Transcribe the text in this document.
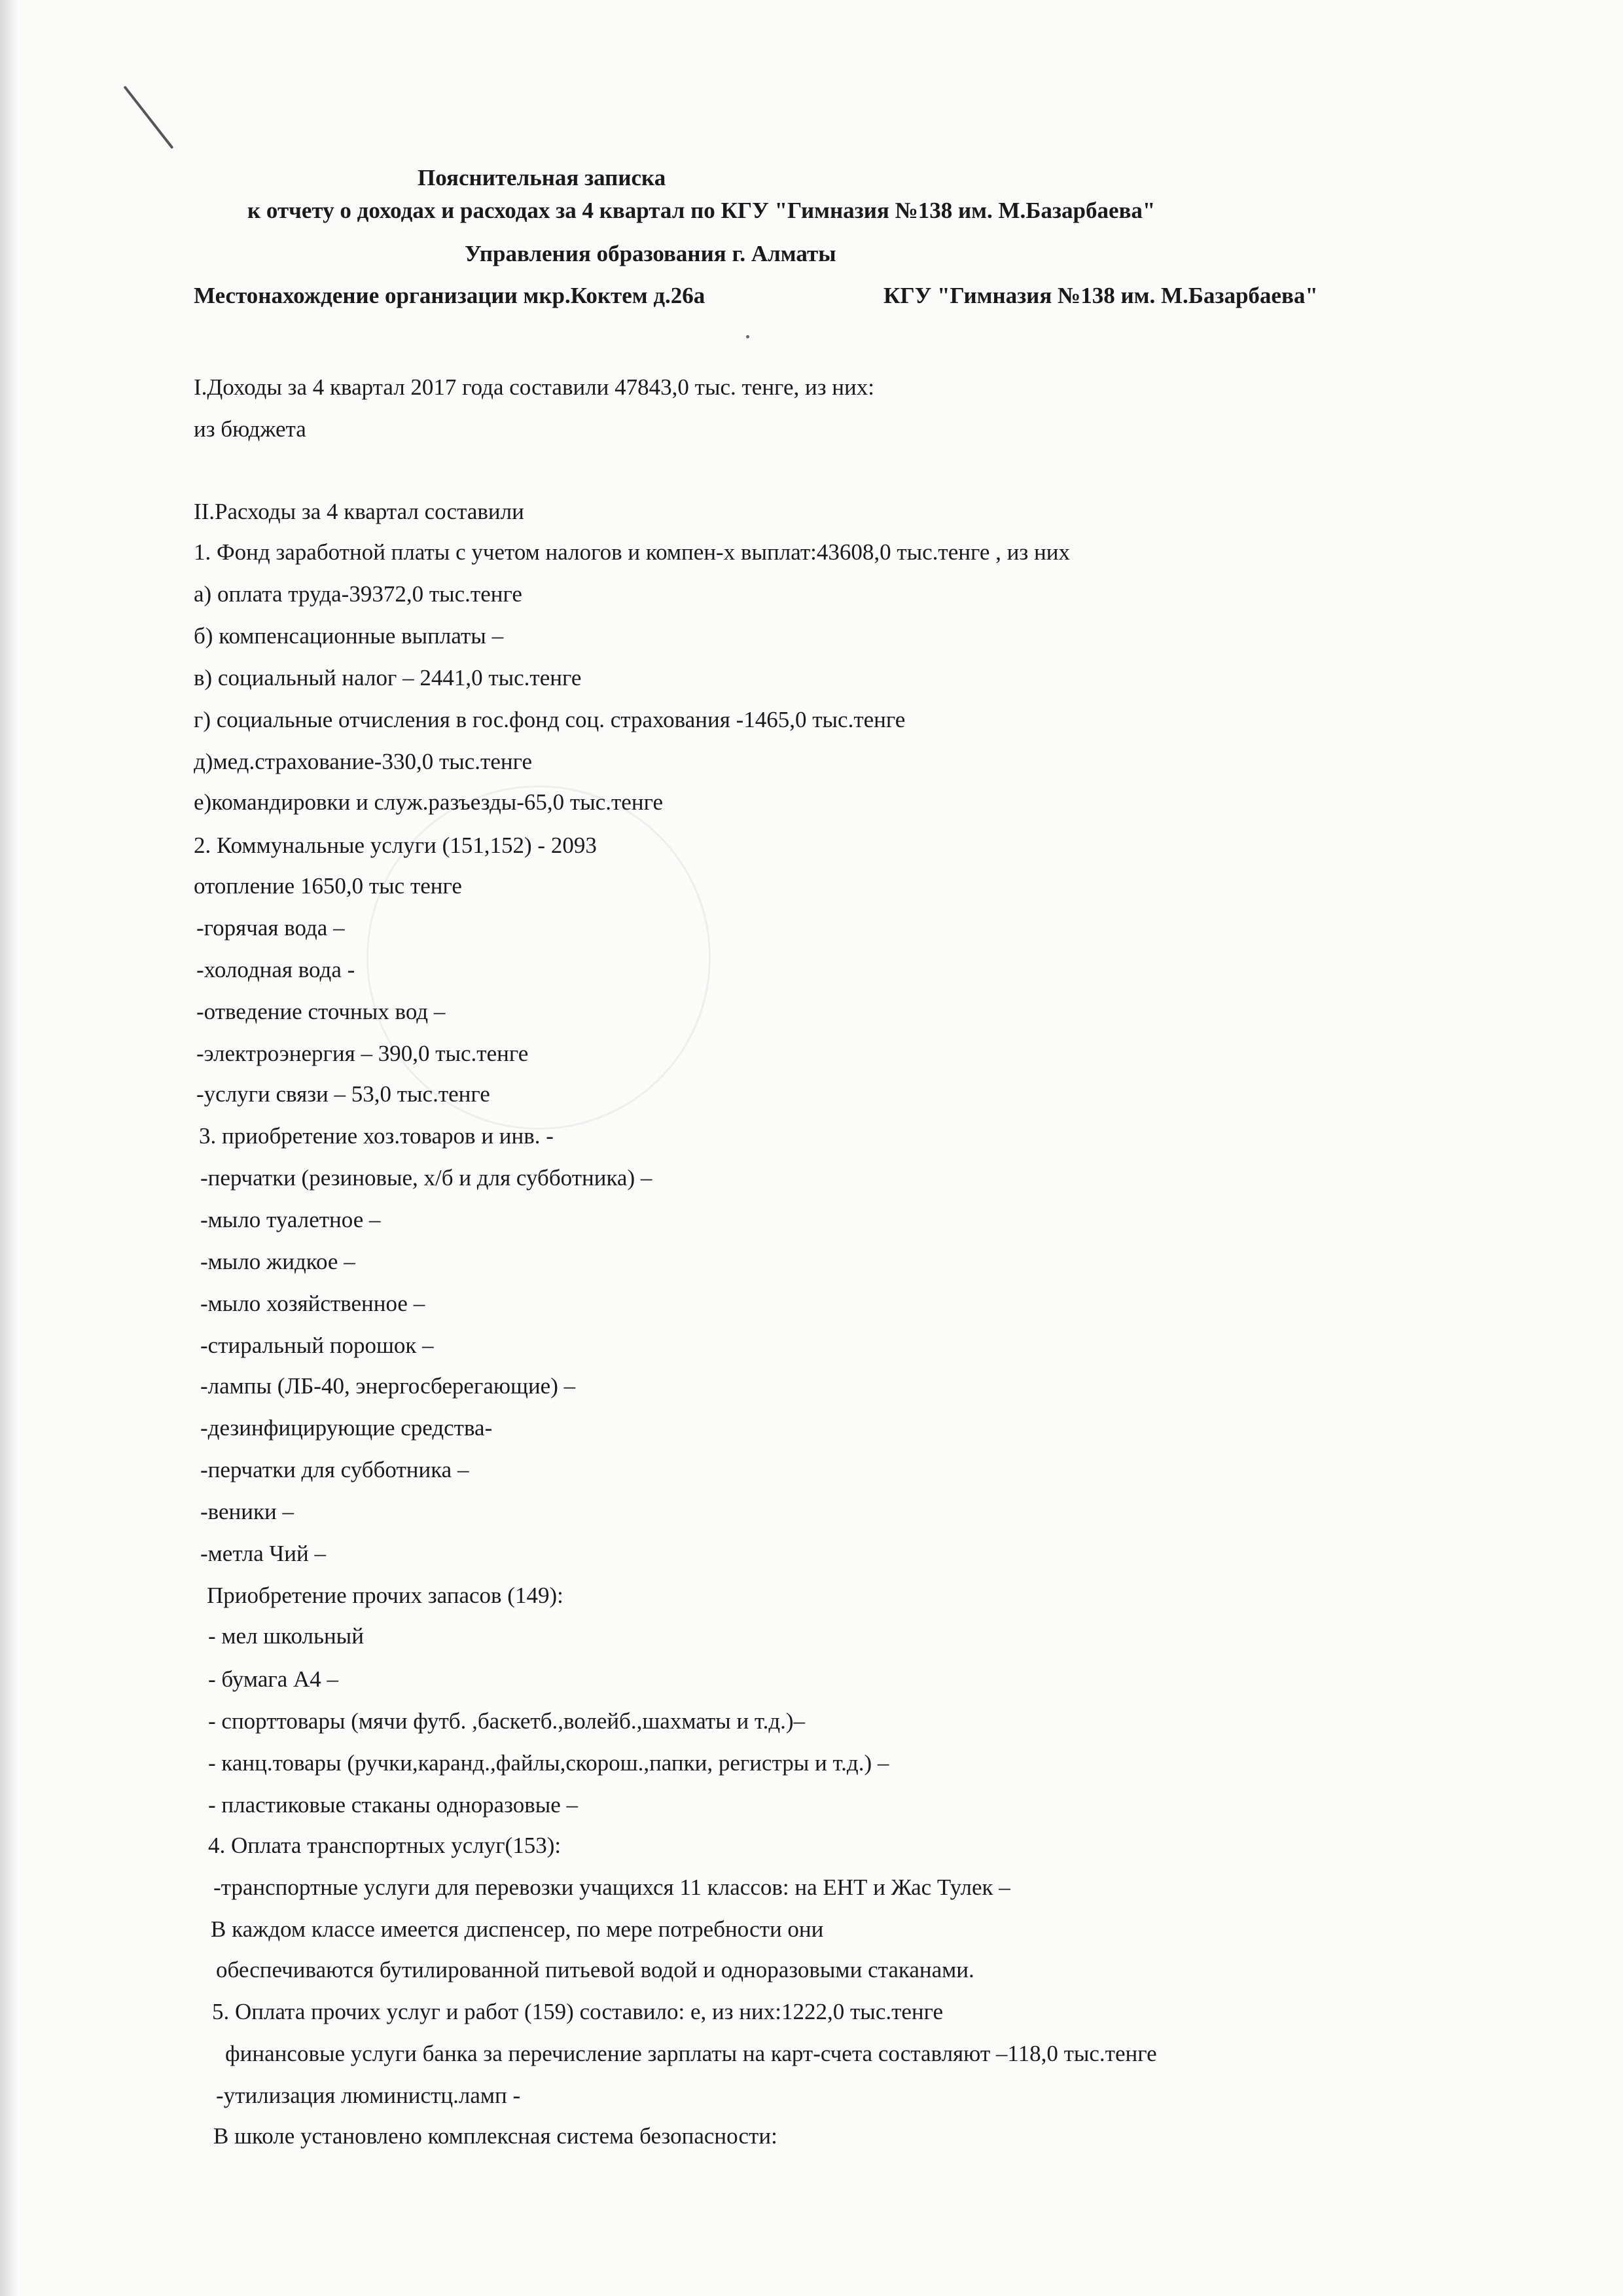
Пояснительная записка
к отчету о доходах и расходах за 4 квартал по КГУ "Гимназия №138 им. М.Базарбаева"
Управления образования г. Алматы
Местонахождение организации мкр.Коктем д.26а	КГУ "Гимназия №138 им. М.Базарбаева"
I.Доходы за 4 квартал 2017 года составили 47843,0 тыс. тенге, из них:
из бюджета
II.Расходы за 4 квартал составили
1. Фонд заработной платы с учетом налогов и компен-х выплат:43608,0 тыс.тенге , из них
а) оплата труда-39372,0 тыс.тенге
б) компенсационные выплаты –
в) социальный налог – 2441,0 тыс.тенге
г) социальные отчисления в гос.фонд соц. страхования -1465,0 тыс.тенге
д)мед.страхование-330,0 тыс.тенге
е)командировки и служ.разъезды-65,0 тыс.тенге
2. Коммунальные услуги (151,152) - 2093
отопление 1650,0 тыс тенге
-горячая вода –
-холодная вода -
-отведение сточных вод –
-электроэнергия – 390,0 тыс.тенге
-услуги связи – 53,0 тыс.тенге
3. приобретение хоз.товаров и инв. -
-перчатки (резиновые, х/б и для субботника) –
-мыло туалетное –
-мыло жидкое –
-мыло хозяйственное –
-стиральный порошок –
-лампы (ЛБ-40, энергосберегающие) –
-дезинфицирующие средства-
-перчатки для субботника –
-веники –
-метла Чий –
Приобретение прочих запасов (149):
- мел школьный
- бумага А4 –
- спорттовары (мячи футб. ,баскетб.,волейб.,шахматы и т.д.)–
- канц.товары (ручки,каранд.,файлы,скорош.,папки, регистры и т.д.) –
- пластиковые стаканы одноразовые –
4. Оплата транспортных услуг(153):
-транспортные услуги для перевозки учащихся 11 классов: на ЕНТ и Жас Тулек –
В каждом классе имеется диспенсер, по мере потребности они
обеспечиваются бутилированной питьевой водой и одноразовыми стаканами.
5. Оплата прочих услуг и работ (159) составило: е, из них:1222,0 тыс.тенге
финансовые услуги банка за перечисление зарплаты на карт-счета составляют –118,0 тыс.тенге
-утилизация люминистц.ламп -
В школе установлено комплексная система безопасности:
